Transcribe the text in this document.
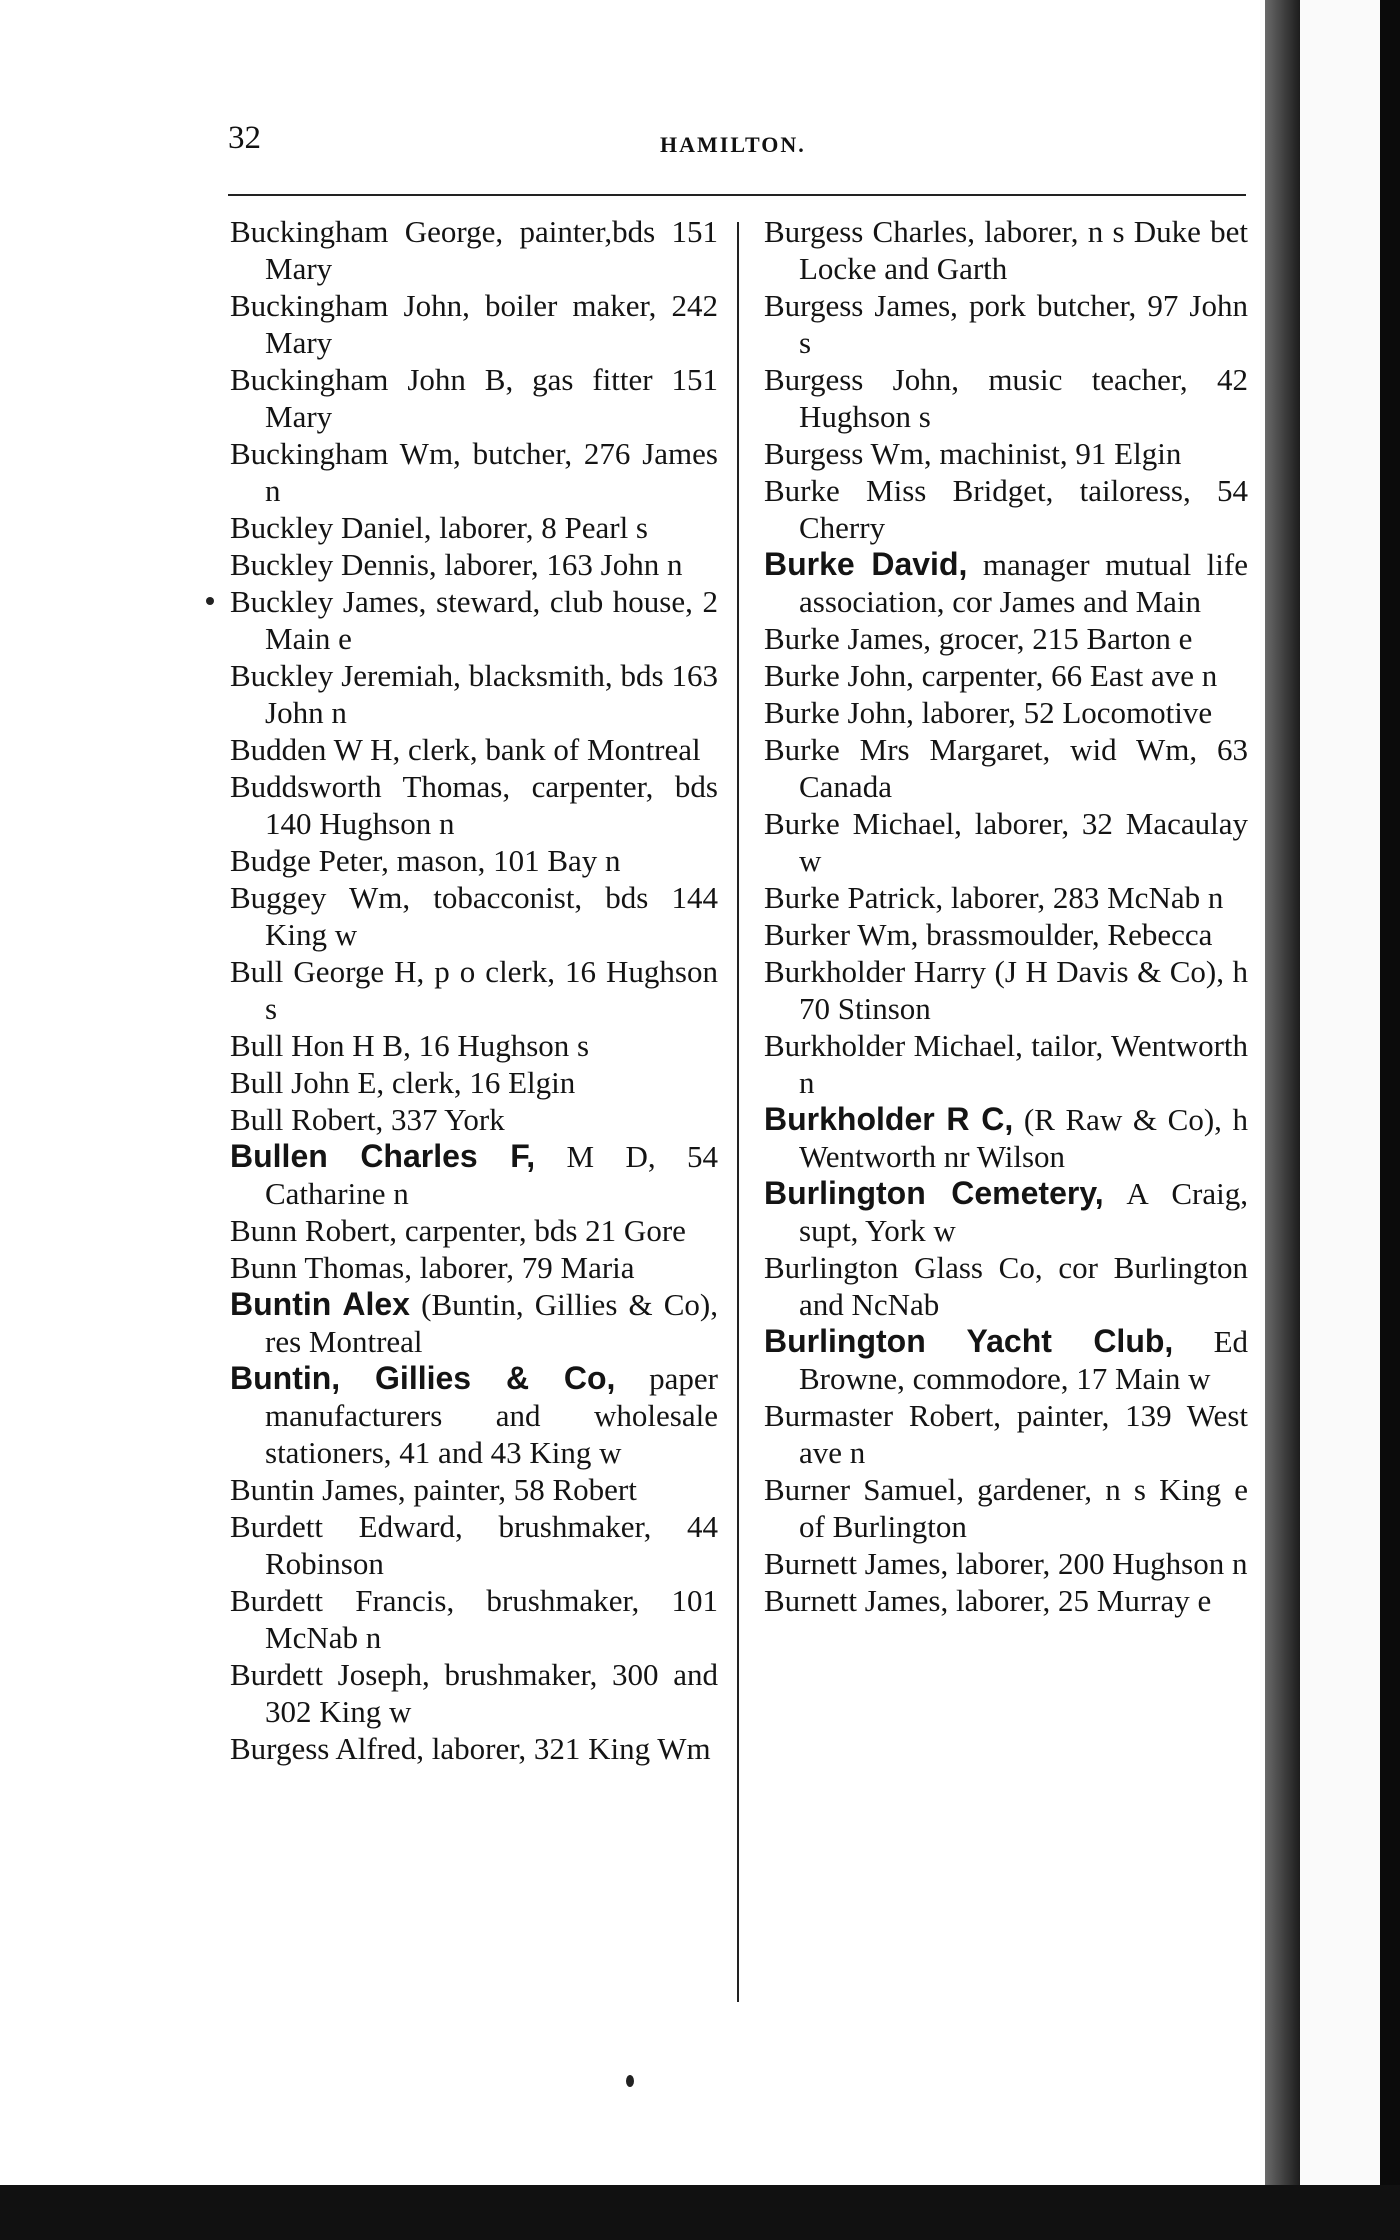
32	HAMILTON.

Buckingham George, painter,bds 151 Mary

Buckingham John, boiler maker, 242 Mary

Buckingham John B, gas fitter 151 Mary

Buckingham Wm, butcher, 276 James n

Buckley Daniel, laborer, 8 Pearl s

Buckley Dennis, laborer, 163 John n

Buckley James, steward, club house, 2 Main e

Buckley Jeremiah, blacksmith, bds 163 John n

Budden W H, clerk, bank of Montreal

Buddsworth Thomas, carpenter, bds 140 Hughson n

Budge Peter, mason, 101 Bay n

Buggey Wm, tobacconist, bds 144 King w

Bull George H, p o clerk, 16 Hughson s

Bull Hon H B, 16 Hughson s

Bull John E, clerk, 16 Elgin

Bull Robert, 337 York

Bullen Charles F, M D, 54 Catharine n

Bunn Robert, carpenter, bds 21 Gore

Bunn Thomas, laborer, 79 Maria

Buntin Alex (Buntin, Gillies & Co), res Montreal

Buntin, Gillies & Co, paper manufacturers and wholesale stationers, 41 and 43 King w

Buntin James, painter, 58 Robert

Burdett Edward, brushmaker, 44 Robinson

Burdett Francis, brushmaker, 101 McNab n

Burdett Joseph, brushmaker, 300 and 302 King w

Burgess Alfred, laborer, 321 King Wm

Burgess Charles, laborer, n s Duke bet Locke and Garth

Burgess James, pork butcher, 97 John s

Burgess John, music teacher, 42 Hughson s

Burgess Wm, machinist, 91 Elgin

Burke Miss Bridget, tailoress, 54 Cherry

Burke David, manager mutual life association, cor James and Main

Burke James, grocer, 215 Barton e

Burke John, carpenter, 66 East ave n

Burke John, laborer, 52 Locomotive

Burke Mrs Margaret, wid Wm, 63 Canada

Burke Michael, laborer, 32 Macaulay w

Burke Patrick, laborer, 283 McNab n

Burker Wm, brassmoulder, Rebecca

Burkholder Harry (J H Davis & Co), h 70 Stinson

Burkholder Michael, tailor, Wentworth n

Burkholder R C, (R Raw & Co), h Wentworth nr Wilson

Burlington Cemetery, A Craig, supt, York w

Burlington Glass Co, cor Burlington and NcNab

Burlington Yacht Club, Ed Browne, commodore, 17 Main w

Burmaster Robert, painter, 139 West ave n

Burner Samuel, gardener, n s King e of Burlington

Burnett James, laborer, 200 Hughson n

Burnett James, laborer, 25 Murray e
